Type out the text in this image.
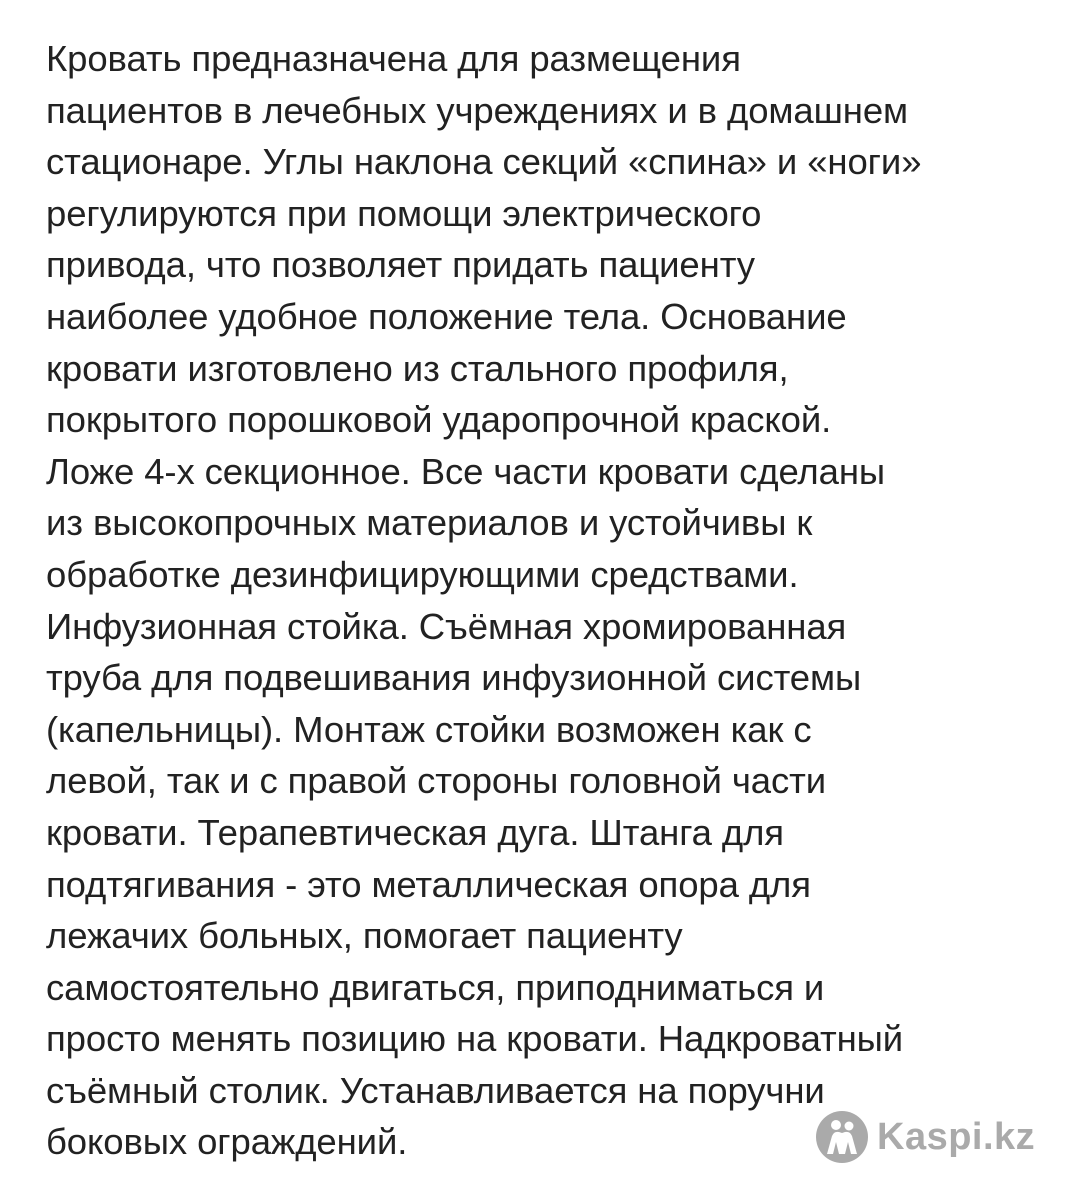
Кровать предназначена для размещения
пациентов в лечебных учреждениях и в домашнем
стационаре. Углы наклона секций «спина» и «ноги»
регулируются при помощи электрического
привода, что позволяет придать пациенту
наиболее удобное положение тела. Основание
кровати изготовлено из стального профиля,
покрытого порошковой ударопрочной краской.
Ложе 4-х секционное. Все части кровати сделаны
из высокопрочных материалов и устойчивы к
обработке дезинфицирующими средствами.
Инфузионная стойка. Съёмная хромированная
труба для подвешивания инфузионной системы
(капельницы). Монтаж стойки возможен как с
левой, так и с правой стороны головной части
кровати. Терапевтическая дуга. Штанга для
подтягивания - это металлическая опора для
лежачих больных, помогает пациенту
самостоятельно двигаться, приподниматься и
просто менять позицию на кровати. Надкроватный
съёмный столик. Устанавливается на поручни
боковых ограждений.	Kaspi.kz
